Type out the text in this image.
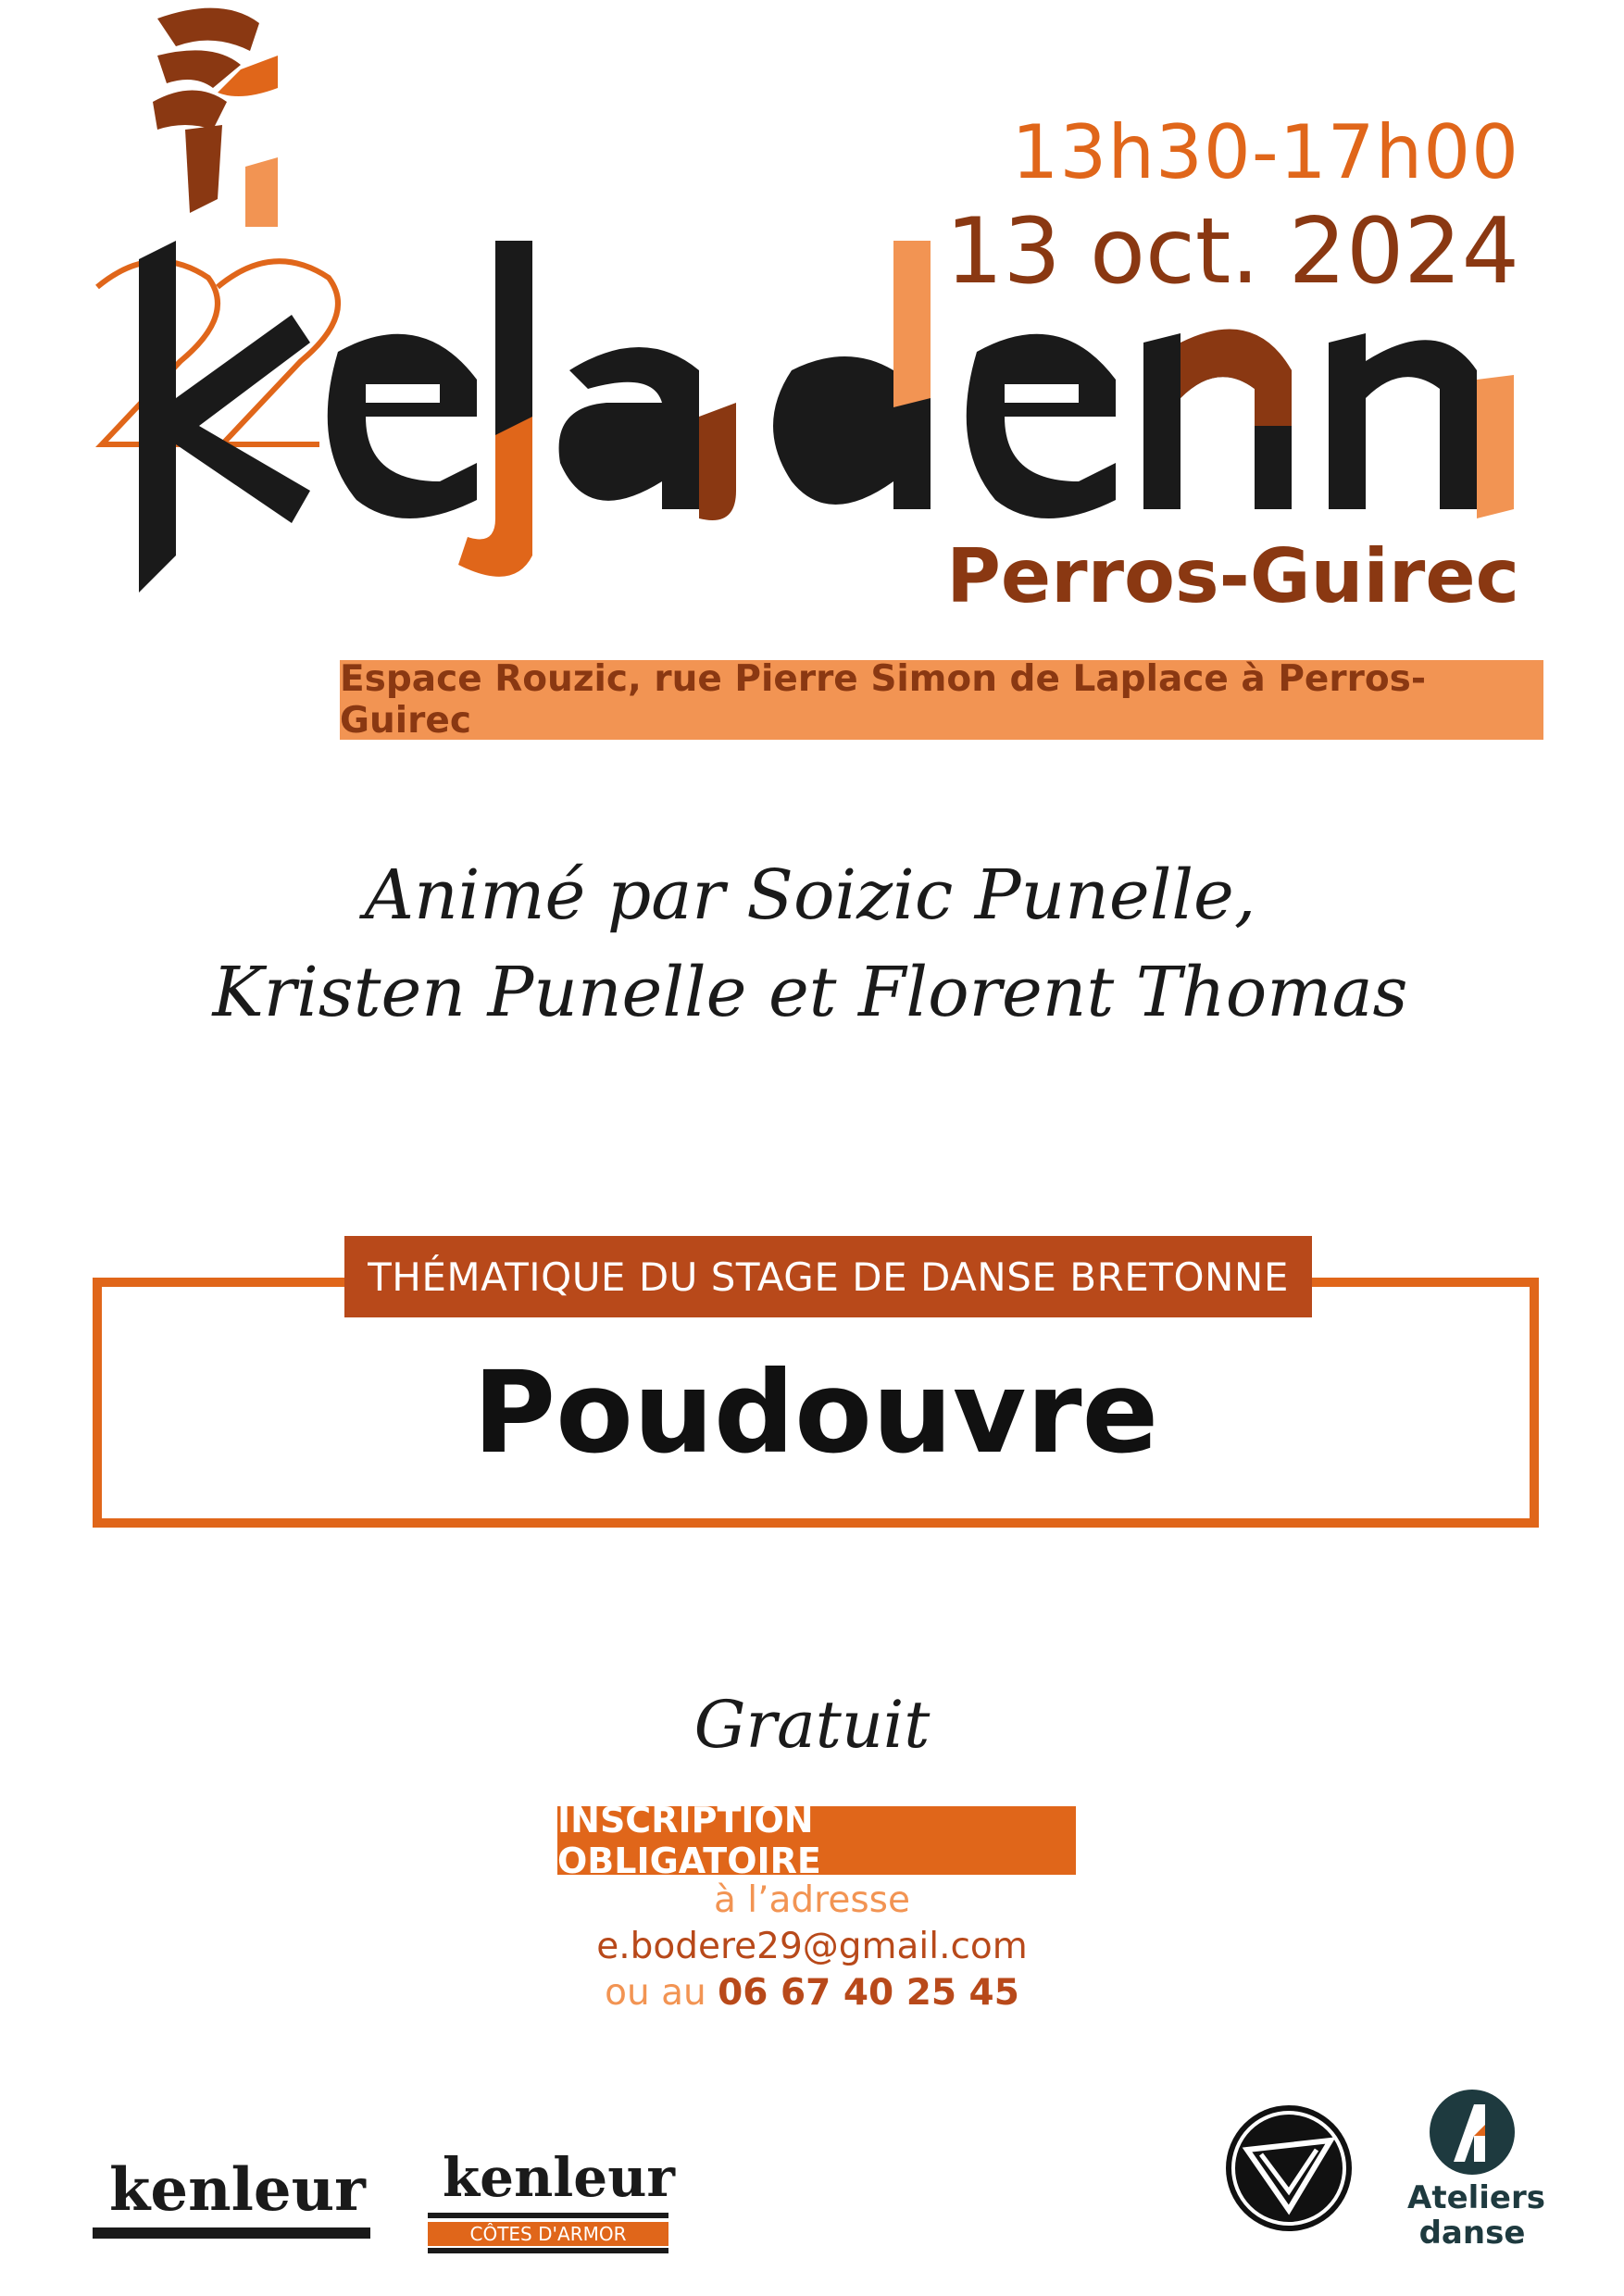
13h30-17h00
13 oct. 2024
Perros-Guirec
Espace Rouzic, rue Pierre Simon de Laplace à Perros-Guirec
Animé par Soizic Punelle,
Kristen Punelle et Florent Thomas
THÉMATIQUE DU STAGE DE DANSE BRETONNE
Poudouvre
Gratuit
INSCRIPTION OBLIGATOIRE
à l’adresse
e.bodere29@gmail.com
ou au 06 67 40 25 45
kenleur kenleur
CÔTES D'ARMOR
Ateliers
danse
